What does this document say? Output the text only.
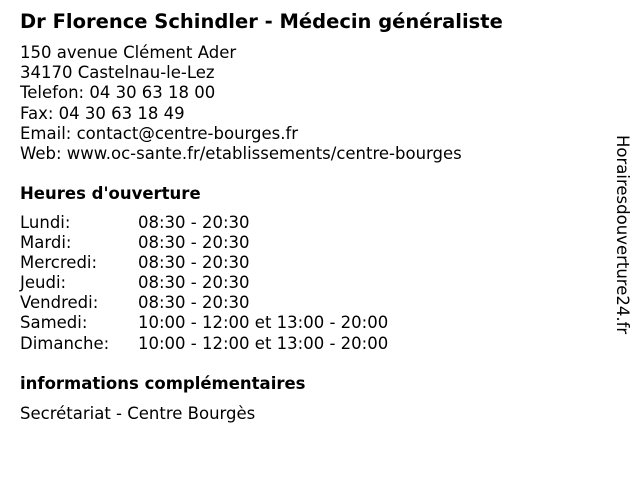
Dr Florence Schindler - Médecin généraliste
150 avenue Clément Ader
34170 Castelnau-le-Lez
Telefon: 04 30 63 18 00
Fax: 04 30 63 18 49
Email: contact@centre-bourges.fr
Web: www.oc-sante.fr/etablissements/centre-bourges
Heures d'ouverture
Lundi:	08:30 - 20:30
Mardi:	08:30 - 20:30
Mercredi:	08:30 - 20:30
Jeudi:	08:30 - 20:30
Vendredi:	08:30 - 20:30
Samedi:	10:00 - 12:00 et 13:00 - 20:00
Dimanche:	10:00 - 12:00 et 13:00 - 20:00
informations complémentaires
Secrétariat - Centre Bourgès
Horairesdouverture24.fr
